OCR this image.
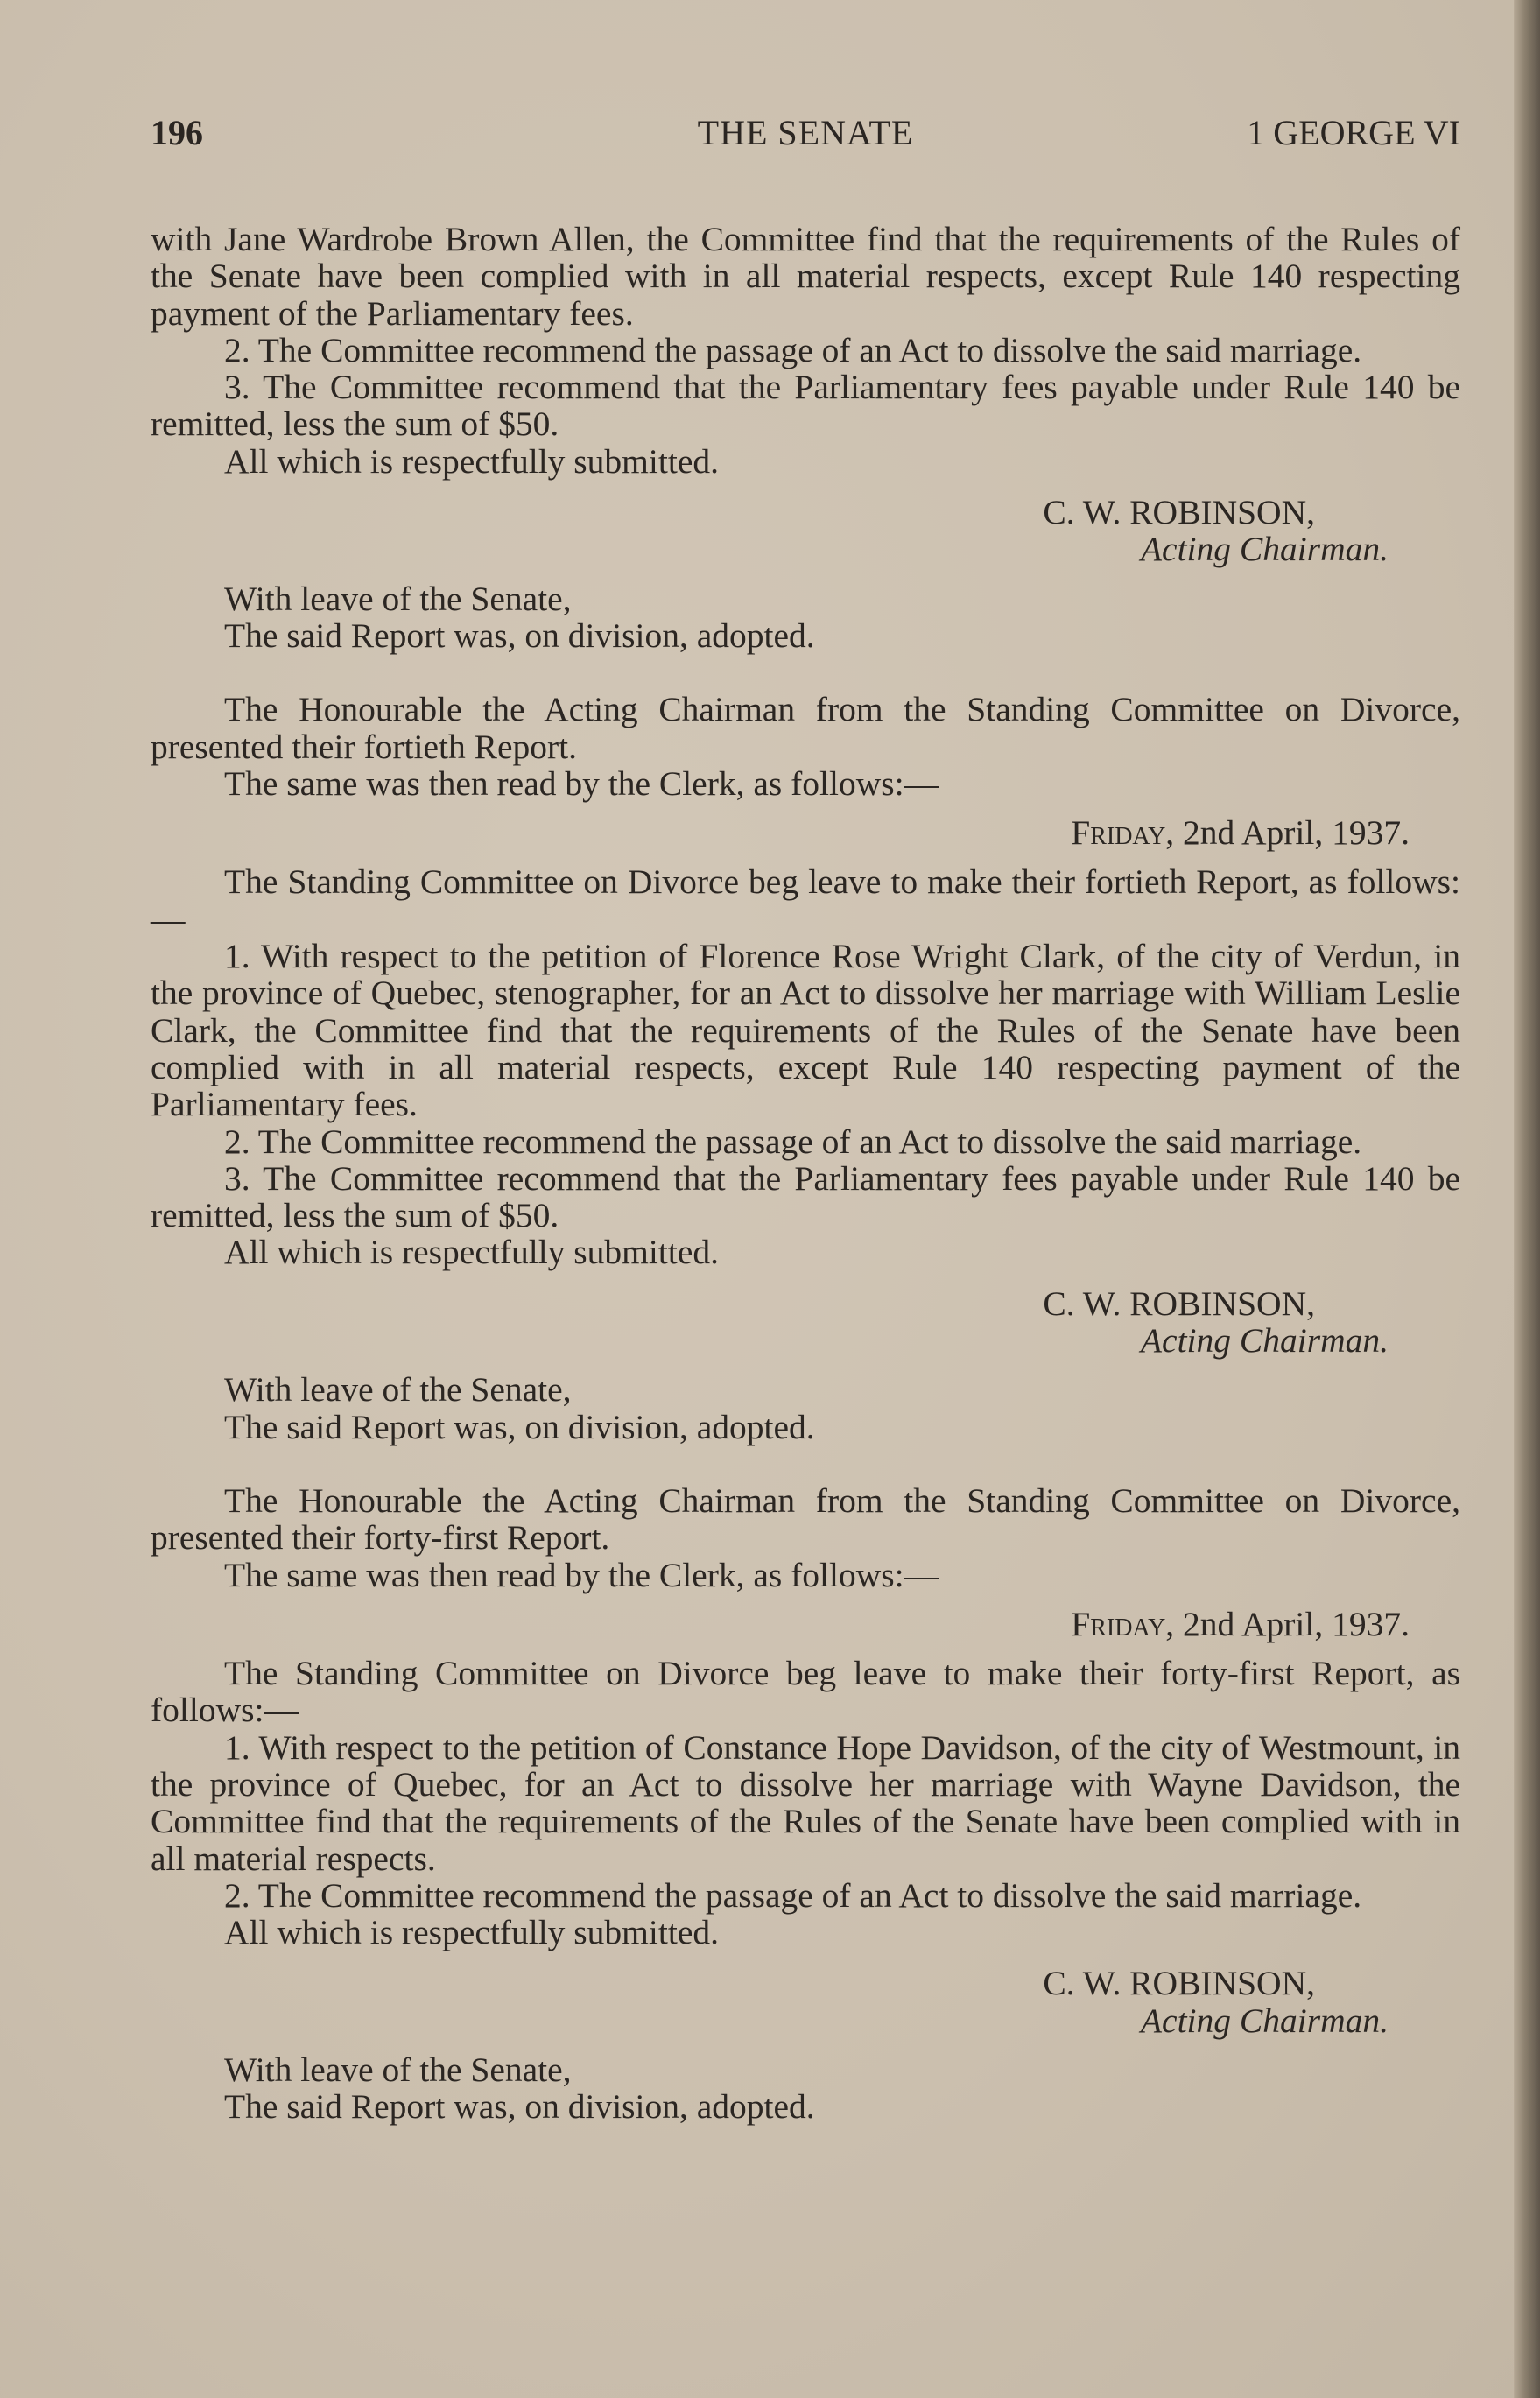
196	THE SENATE	1 GEORGE VI

with Jane Wardrobe Brown Allen, the Committee find that the requirements of the Rules of the Senate have been complied with in all material respects, except Rule 140 respecting payment of the Parliamentary fees.

2. The Committee recommend the passage of an Act to dissolve the said marriage.

3. The Committee recommend that the Parliamentary fees payable under Rule 140 be remitted, less the sum of $50.

All which is respectfully submitted.

C. W. ROBINSON,

Acting Chairman.

With leave of the Senate,

The said Report was, on division, adopted.

The Honourable the Acting Chairman from the Standing Committee on Divorce, presented their fortieth Report.

The same was then read by the Clerk, as follows:—

Friday, 2nd April, 1937.

The Standing Committee on Divorce beg leave to make their fortieth Report, as follows:—

1. With respect to the petition of Florence Rose Wright Clark, of the city of Verdun, in the province of Quebec, stenographer, for an Act to dissolve her marriage with William Leslie Clark, the Committee find that the requirements of the Rules of the Senate have been complied with in all material respects, except Rule 140 respecting payment of the Parliamentary fees.

2. The Committee recommend the passage of an Act to dissolve the said marriage.

3. The Committee recommend that the Parliamentary fees payable under Rule 140 be remitted, less the sum of $50.

All which is respectfully submitted.

C. W. ROBINSON,

Acting Chairman.

With leave of the Senate,

The said Report was, on division, adopted.

The Honourable the Acting Chairman from the Standing Committee on Divorce, presented their forty-first Report.

The same was then read by the Clerk, as follows:—

Friday, 2nd April, 1937.

The Standing Committee on Divorce beg leave to make their forty-first Report, as follows:—

1. With respect to the petition of Constance Hope Davidson, of the city of Westmount, in the province of Quebec, for an Act to dissolve her marriage with Wayne Davidson, the Committee find that the requirements of the Rules of the Senate have been complied with in all material respects.

2. The Committee recommend the passage of an Act to dissolve the said marriage.

All which is respectfully submitted.

C. W. ROBINSON,

Acting Chairman.

With leave of the Senate,

The said Report was, on division, adopted.
